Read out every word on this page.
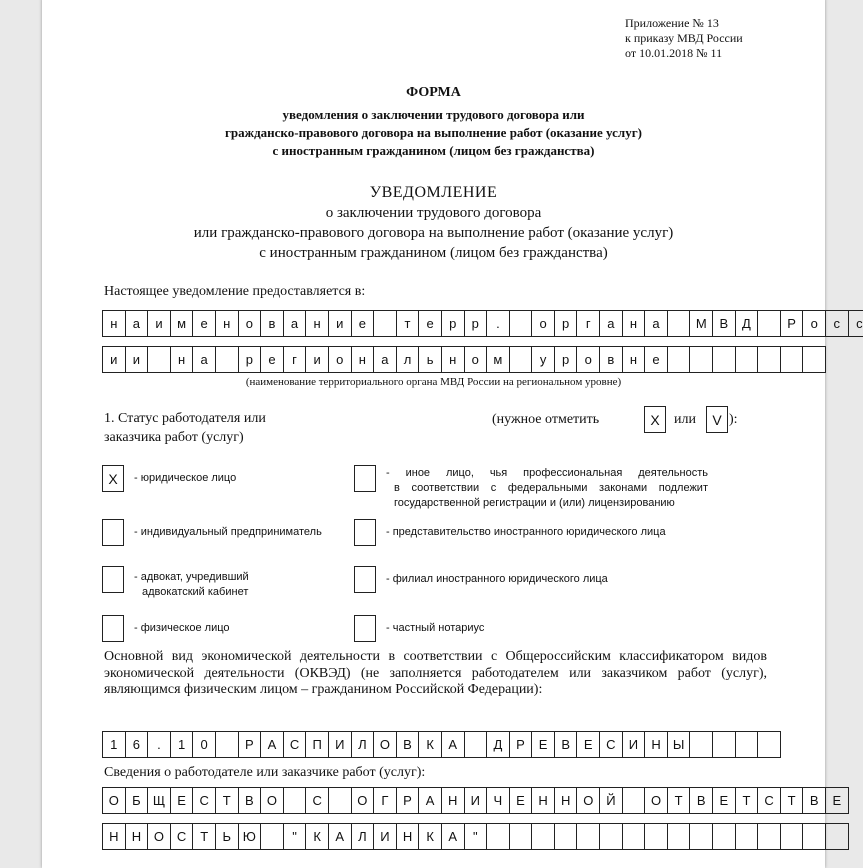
Приложение № 13
к приказу МВД России
от 10.01.2018 № 11
ФОРМА
уведомления о заключении трудового договора или
гражданско-правового договора на выполнение работ (оказание услуг)
с иностранным гражданином (лицом без гражданства)
УВЕДОМЛЕНИЕ
о заключении трудового договора
или гражданско-правового договора на выполнение работ (оказание услуг)
с иностранным гражданином (лицом без гражданства)
Настоящее уведомление предоставляется в:
н	а	и	м	е	н	о	в	а	н	и	е	т	е	р	р	.	о	р	г	а	н	а	М В	Д	Р	о	с	с
и	и	н	а	р	е	г	и	о	н	а	л	ь	н	о	м	у	р	о	в	н	е
(наименование территориального органа МВД России на региональном уровне)
1. Статус работодателя или
заказчика работ (услуг)
(нужное отметить	X	или	V ):
X	- юридическое лицо
- индивидуальный предприниматель
- адвокат, учредивший
адвокатский кабинет
- физическое лицо
- иное лицо, чья профессиональная деятельность
в соответствии с федеральными законами подлежит
государственной регистрации и (или) лицензированию
- представительство иностранного юридического лица
- филиал иностранного юридического лица
- частный нотариус
Основной вид экономической деятельности в соответствии с Общероссийским классификатором видов экономической деятельности (ОКВЭД) (не заполняется работодателем или заказчиком работ (услуг), являющимся физическим лицом – гражданином Российской Федерации):
1	6	.	1	0	Р	А	С	П	И	Л	О	В	К	А	Д	Р	Е	В	Е	С	И	Н Ы
Сведения о работодателе или заказчике работ (услуг):
О	Б Щ Е	С	Т	В	О	С	О	Г	Р	А	Н	И	Ч	Е	Н	Н О Й	О	Т	В	Е	Т	С	Т	В	Е
Н	Н О С	Т	Ь Ю	"	К	А	Л	И	Н	К	А	"
